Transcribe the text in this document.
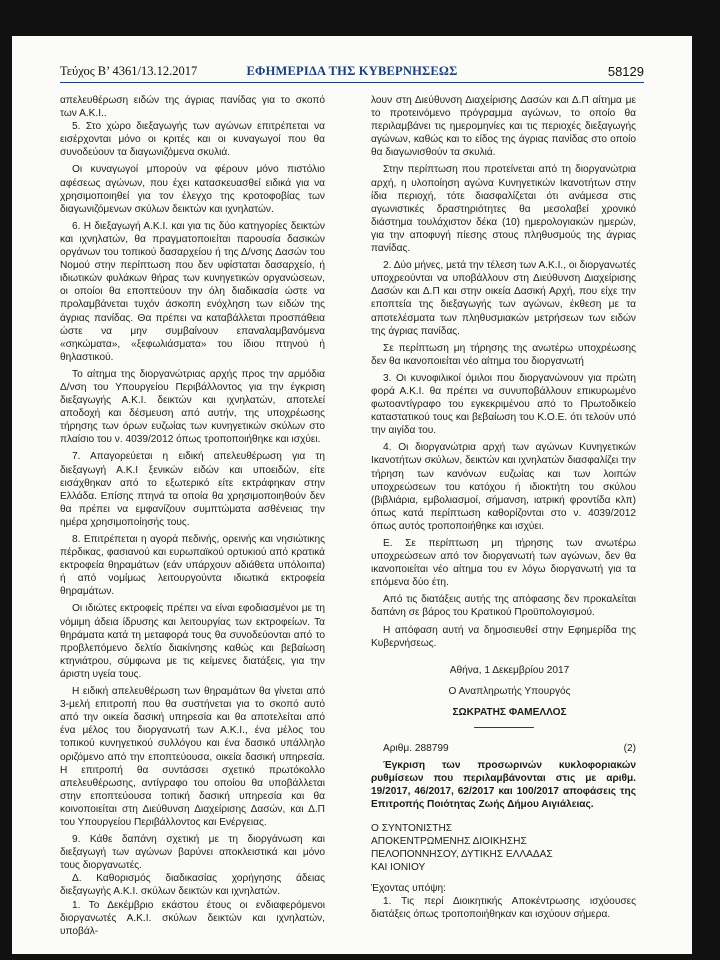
Τεύχος Β’ 4361/13.12.2017	ΕΦΗΜΕΡΙΔΑ ΤΗΣ ΚΥΒΕΡΝΗΣΕΩΣ	58129

απελευθέρωση ειδών της άγριας πανίδας για το σκοπό των Α.Κ.Ι..

5. Στο χώρο διεξαγωγής των αγώνων επιτρέπεται να εισέρχονται μόνο οι κριτές και οι κυναγωγοί που θα συνοδεύουν τα διαγωνιζόμενα σκυλιά.

Οι κυναγωγοί μπορούν να φέρουν μόνο πιστόλιο αφέσεως αγώνων, που έχει κατασκευασθεί ειδικά για να χρησιμοποιηθεί για τον έλεγχο της κροτοφοβίας των διαγωνιζόμενων σκύλων δεικτών και ιχνηλατών.

6. Η διεξαγωγή Α.Κ.Ι. και για τις δύο κατηγορίες δεικτών και ιχνηλατών, θα πραγματοποιείται παρουσία δασικών οργάνων του τοπικού δασαρχείου ή της Δ/νσης Δασών του Νομού στην περίπτωση που δεν υφίσταται δασαρχείο, ή ιδιωτικών φυλάκων θήρας των κυνηγετικών οργανώσεων, οι οποίοι θα εποπτεύουν την όλη διαδικασία ώστε να προλαμβάνεται τυχόν άσκοπη ενόχληση των ειδών της άγριας πανίδας. Θα πρέπει να καταβάλλεται προσπάθεια ώστε να μην συμβαίνουν επαναλαμβανόμενα «σηκώματα», «ξεφωλιάσματα» του ίδιου πτηνού ή θηλαστικού.

Το αίτημα της διοργανώτριας αρχής προς την αρμόδια Δ/νση του Υπουργείου Περιβάλλοντος για την έγκριση διεξαγωγής Α.Κ.Ι. δεικτών και ιχνηλατών, αποτελεί αποδοχή και δέσμευση από αυτήν, της υποχρέωσης τήρησης των όρων ευζωίας των κυνηγετικών σκύλων στο πλαίσιο του ν. 4039/2012 όπως τροποποιήθηκε και ισχύει.

7. Απαγορεύεται η ειδική απελευθέρωση για τη διεξαγωγή Α.Κ.Ι ξενικών ειδών και υποειδών, είτε εισάχθηκαν από το εξωτερικό είτε εκτράφηκαν στην Ελλάδα. Επίσης πτηνά τα οποία θα χρησιμοποιηθούν δεν θα πρέπει να εμφανίζουν συμπτώματα ασθένειας την ημέρα χρησιμοποίησής τους.

8. Επιτρέπεται η αγορά πεδινής, ορεινής και νησιώτικης πέρδικας, φασιανού και ευρωπαϊκού ορτυκιού από κρατικά εκτροφεία θηραμάτων (εάν υπάρχουν αδιάθετα υπόλοιπα) ή από νομίμως λειτουργούντα ιδιωτικά εκτροφεία θηραμάτων.

Οι ιδιώτες εκτροφείς πρέπει να είναι εφοδιασμένοι με τη νόμιμη άδεια ίδρυσης και λειτουργίας των εκτροφείων. Τα θηράματα κατά τη μεταφορά τους θα συνοδεύονται από το προβλεπόμενο δελτίο διακίνησης καθώς και βεβαίωση κτηνιάτρου, σύμφωνα με τις κείμενες διατάξεις, για την άριστη υγεία τους.

Η ειδική απελευθέρωση των θηραμάτων θα γίνεται από 3-μελή επιτροπή που θα συστήνεται για το σκοπό αυτό από την οικεία δασική υπηρεσία και θα αποτελείται από ένα μέλος του διοργανωτή των Α.Κ.Ι., ένα μέλος του τοπικού κυνηγετικού συλλόγου και ένα δασικό υπάλληλο οριζόμενο από την εποπτεύουσα, οικεία δασική υπηρεσία. Η επιτροπή θα συντάσσει σχετικό πρωτόκολλο απελευθέρωσης, αντίγραφο του οποίου θα υποβάλλεται στην εποπτεύουσα τοπική δασική υπηρεσία και θα κοινοποιείται στη Διεύθυνση Διαχείρισης Δασών, και Δ.Π του Υπουργείου Περιβάλλοντος και Ενέργειας.

9. Κάθε δαπάνη σχετική με τη διοργάνωση και διεξαγωγή των αγώνων βαρύνει αποκλειστικά και μόνο τους διοργανωτές.

Δ. Καθορισμός διαδικασίας χορήγησης άδειας διεξαγωγής Α.Κ.Ι. σκύλων δεικτών και ιχνηλατών.

1. Το Δεκέμβριο εκάστου έτους οι ενδιαφερόμενοι διοργανωτές Α.Κ.Ι. σκύλων δεικτών και ιχνηλατών, υποβάλ-

λουν στη Διεύθυνση Διαχείρισης Δασών και Δ.Π αίτημα με το προτεινόμενο πρόγραμμα αγώνων, το οποίο θα περιλαμβάνει τις ημερομηνίες και τις περιοχές διεξαγωγής αγώνων, καθώς και το είδος της άγριας πανίδας στο οποίο θα διαγωνισθούν τα σκυλιά.

Στην περίπτωση που προτείνεται από τη διοργανώτρια αρχή, η υλοποίηση αγώνα Κυνηγετικών Ικανοτήτων στην ίδια περιοχή, τότε διασφαλίζεται ότι ανάμεσα στις αγωνιστικές δραστηριότητες θα μεσολαβεί χρονικό διάστημα τουλάχιστον δέκα (10) ημερολογιακών ημερών, για την αποφυγή πίεσης στους πληθυσμούς της άγριας πανίδας.

2. Δύο μήνες, μετά την τέλεση των Α.Κ.Ι., οι διοργανωτές υποχρεούνται να υποβάλλουν στη Διεύθυνση Διαχείρισης Δασών και Δ.Π και στην οικεία Δασική Αρχή, που είχε την εποπτεία της διεξαγωγής των αγώνων, έκθεση με τα αποτελέσματα των πληθυσμιακών μετρήσεων των ειδών της άγριας πανίδας.

Σε περίπτωση μη τήρησης της ανωτέρω υποχρέωσης δεν θα ικανοποιείται νέο αίτημα του διοργανωτή

3. Οι κυνοφιλικοί όμιλοι που διοργανώνουν για πρώτη φορά Α.Κ.Ι. θα πρέπει να συνυποβάλλουν επικυρωμένο φωτοαντίγραφο του εγκεκριμένου από το Πρωτοδικείο καταστατικού τους και βεβαίωση του Κ.Ο.Ε. ότι τελούν υπό την αιγίδα του.

4. Οι διοργανώτρια αρχή των αγώνων Κυνηγετικών Ικανοτήτων σκύλων, δεικτών και ιχνηλατών διασφαλίζει την τήρηση των κανόνων ευζωίας και των λοιπών υποχρεώσεων του κατόχου ή ιδιοκτήτη του σκύλου (βιβλιάρια, εμβολιασμοί, σήμανση, ιατρική φροντίδα κλπ) όπως κατά περίπτωση καθορίζονται στο ν. 4039/2012 όπως αυτός τροποποιήθηκε και ισχύει.

Ε. Σε περίπτωση μη τήρησης των ανωτέρω υποχρεώσεων από τον διοργανωτή των αγώνων, δεν θα ικανοποιείται νέο αίτημα του εν λόγω διοργανωτή για τα επόμενα δύο έτη.

Από τις διατάξεις αυτής της απόφασης δεν προκαλείται δαπάνη σε βάρος του Κρατικού Προϋπολογισμού.

Η απόφαση αυτή να δημοσιευθεί στην Εφημερίδα της Κυβερνήσεως.

Αθήνα, 1 Δεκεμβρίου 2017

Ο Αναπληρωτής Υπουργός

ΣΩΚΡΑΤΗΣ ΦΑΜΕΛΛΟΣ

Αριθμ. 288799	(2)

Έγκριση των προσωρινών κυκλοφοριακών ρυθμίσεων που περιλαμβάνονται στις με αριθμ. 19/2017, 46/2017, 62/2017 και 100/2017 αποφάσεις της Επιτροπής Ποιότητας Ζωής Δήμου Αιγιάλειας.

Ο ΣΥΝΤΟΝΙΣΤΗΣ

ΑΠΟΚΕΝΤΡΩΜΕΝΗΣ ΔΙΟΙΚΗΣΗΣ

ΠΕΛΟΠΟΝΝΗΣΟΥ, ΔΥΤΙΚΗΣ ΕΛΛΑΔΑΣ

ΚΑΙ ΙΟΝΙΟΥ

Έχοντας υπόψη:

1. Τις περί Διοικητικής Αποκέντρωσης ισχύουσες διατάξεις όπως τροποποιήθηκαν και ισχύουν σήμερα.
